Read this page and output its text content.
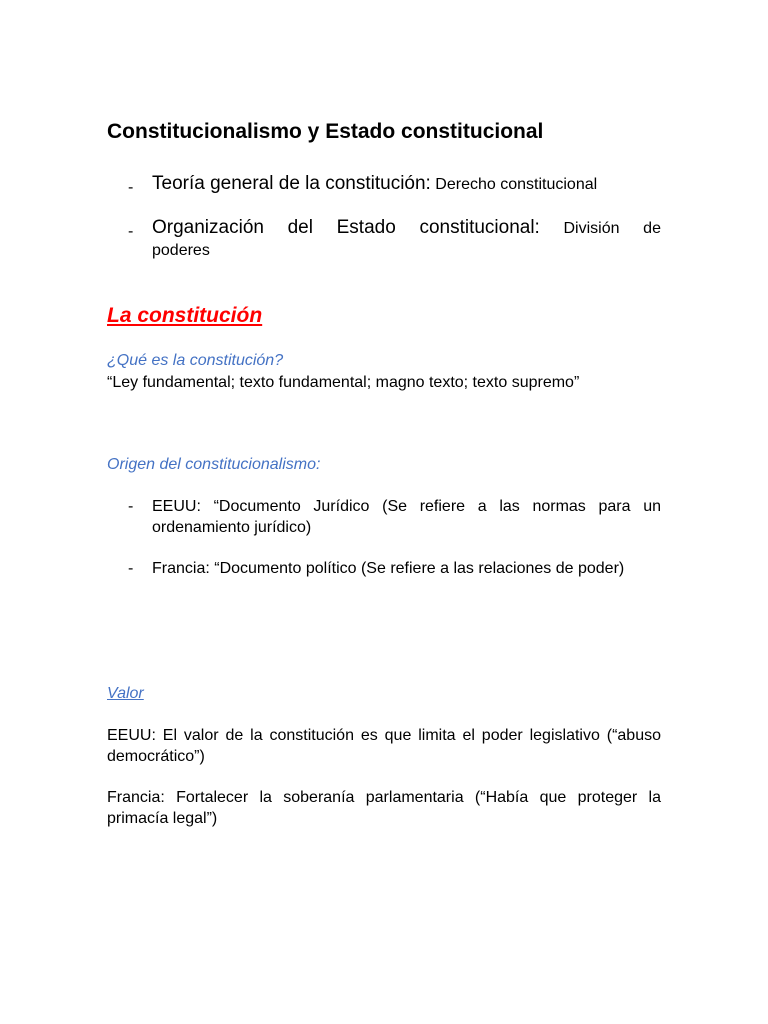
Constitucionalismo y Estado constitucional
- Teoría general de la constitución: Derecho constitucional
- Organización del Estado constitucional: División de
poderes
La constitución
¿Qué es la constitución?
“Ley fundamental; texto fundamental; magno texto; texto supremo”
Origen del constitucionalismo:
- EEUU: “Documento Jurídico (Se refiere a las normas para un ordenamiento jurídico)
- Francia: “Documento político (Se refiere a las relaciones de poder)
Valor
EEUU: El valor de la constitución es que limita el poder legislativo (“abuso democrático”)
Francia: Fortalecer la soberanía parlamentaria (“Había que proteger la primacía legal”)
